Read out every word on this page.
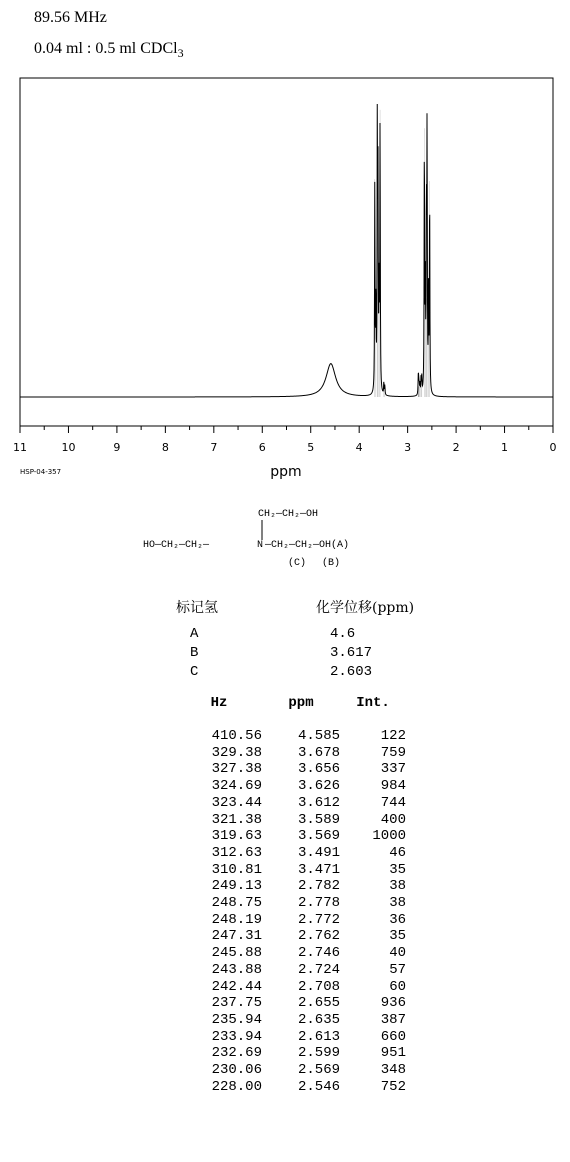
89.56 MHz
0.04 ml : 0.5 ml CDCl$_3$
11	10	9	8	7	6	5	4	3	2	1	0
ppm
HSP-04-357
CH₂—CH₂—OH
HO—CH₂—CH₂—	N —CH₂—CH₂—OH(A)
(C) (B)
标记氢	化学位移(ppm)
A	4.6
B	3.617
C	2.603
Hz	ppm	Int.

410.56	4.585	122
329.38	3.678	759
327.38	3.656	337
324.69	3.626	984
323.44	3.612	744
321.38	3.589	400
319.63	3.569	1000
312.63	3.491	46
310.81	3.471	35
249.13	2.782	38
248.75	2.778	38
248.19	2.772	36
247.31	2.762	35
245.88	2.746	40
243.88	2.724	57
242.44	2.708	60
237.75	2.655	936
235.94	2.635	387
233.94	2.613	660
232.69	2.599	951
230.06	2.569	348
228.00	2.546	752
